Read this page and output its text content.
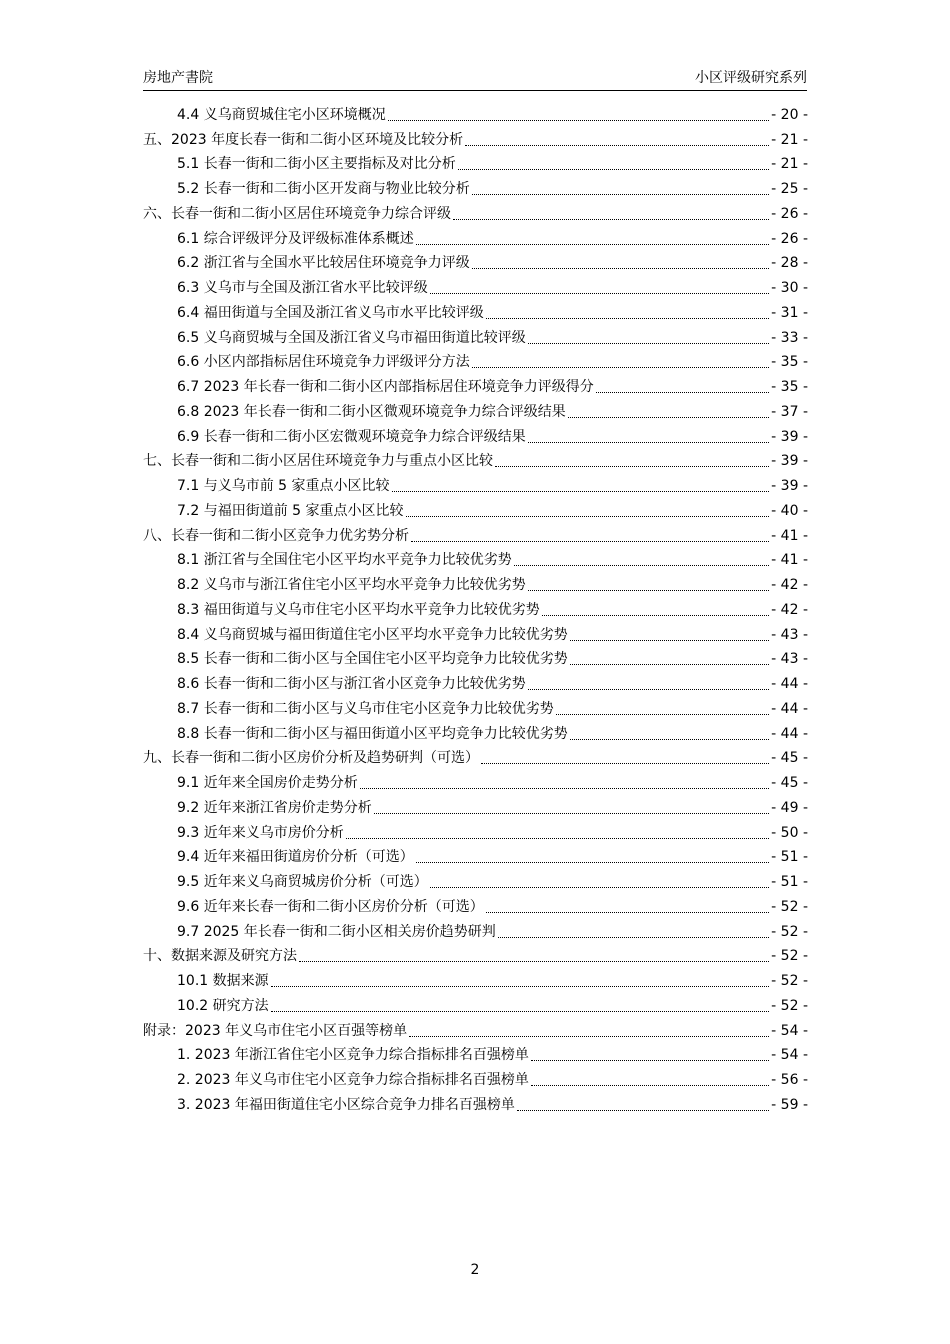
房地产書院	小区评级研究系列
4.4 义乌商贸城住宅小区环境概况	- 20 -
五、2023 年度长春一街和二街小区环境及比较分析	- 21 -
5.1 长春一街和二街小区主要指标及对比分析	- 21 -
5.2 长春一街和二街小区开发商与物业比较分析	- 25 -
六、长春一街和二街小区居住环境竞争力综合评级	- 26 -
6.1 综合评级评分及评级标准体系概述	- 26 -
6.2 浙江省与全国水平比较居住环境竞争力评级	- 28 -
6.3 义乌市与全国及浙江省水平比较评级	- 30 -
6.4 福田街道与全国及浙江省义乌市水平比较评级	- 31 -
6.5 义乌商贸城与全国及浙江省义乌市福田街道比较评级	- 33 -
6.6 小区内部指标居住环境竞争力评级评分方法	- 35 -
6.7 2023 年长春一街和二街小区内部指标居住环境竞争力评级得分	- 35 -
6.8 2023 年长春一街和二街小区微观环境竞争力综合评级结果	- 37 -
6.9 长春一街和二街小区宏微观环境竞争力综合评级结果	- 39 -
七、长春一街和二街小区居住环境竞争力与重点小区比较	- 39 -
7.1 与义乌市前 5 家重点小区比较	- 39 -
7.2 与福田街道前 5 家重点小区比较	- 40 -
八、长春一街和二街小区竞争力优劣势分析	- 41 -
8.1 浙江省与全国住宅小区平均水平竞争力比较优劣势	- 41 -
8.2 义乌市与浙江省住宅小区平均水平竞争力比较优劣势	- 42 -
8.3 福田街道与义乌市住宅小区平均水平竞争力比较优劣势	- 42 -
8.4 义乌商贸城与福田街道住宅小区平均水平竞争力比较优劣势	- 43 -
8.5 长春一街和二街小区与全国住宅小区平均竞争力比较优劣势	- 43 -
8.6 长春一街和二街小区与浙江省小区竞争力比较优劣势	- 44 -
8.7 长春一街和二街小区与义乌市住宅小区竞争力比较优劣势	- 44 -
8.8 长春一街和二街小区与福田街道小区平均竞争力比较优劣势	- 44 -
九、长春一街和二街小区房价分析及趋势研判（可选）	- 45 -
9.1 近年来全国房价走势分析	- 45 -
9.2 近年来浙江省房价走势分析	- 49 -
9.3 近年来义乌市房价分析	- 50 -
9.4 近年来福田街道房价分析（可选）	- 51 -
9.5 近年来义乌商贸城房价分析（可选）	- 51 -
9.6 近年来长春一街和二街小区房价分析（可选）	- 52 -
9.7 2025 年长春一街和二街小区相关房价趋势研判	- 52 -
十、数据来源及研究方法	- 52 -
10.1 数据来源	- 52 -
10.2 研究方法	- 52 -
附录：2023 年义乌市住宅小区百强等榜单	- 54 -
1. 2023 年浙江省住宅小区竞争力综合指标排名百强榜单	- 54 -
2. 2023 年义乌市住宅小区竞争力综合指标排名百强榜单	- 56 -
3. 2023 年福田街道住宅小区综合竞争力排名百强榜单	- 59 -
2
